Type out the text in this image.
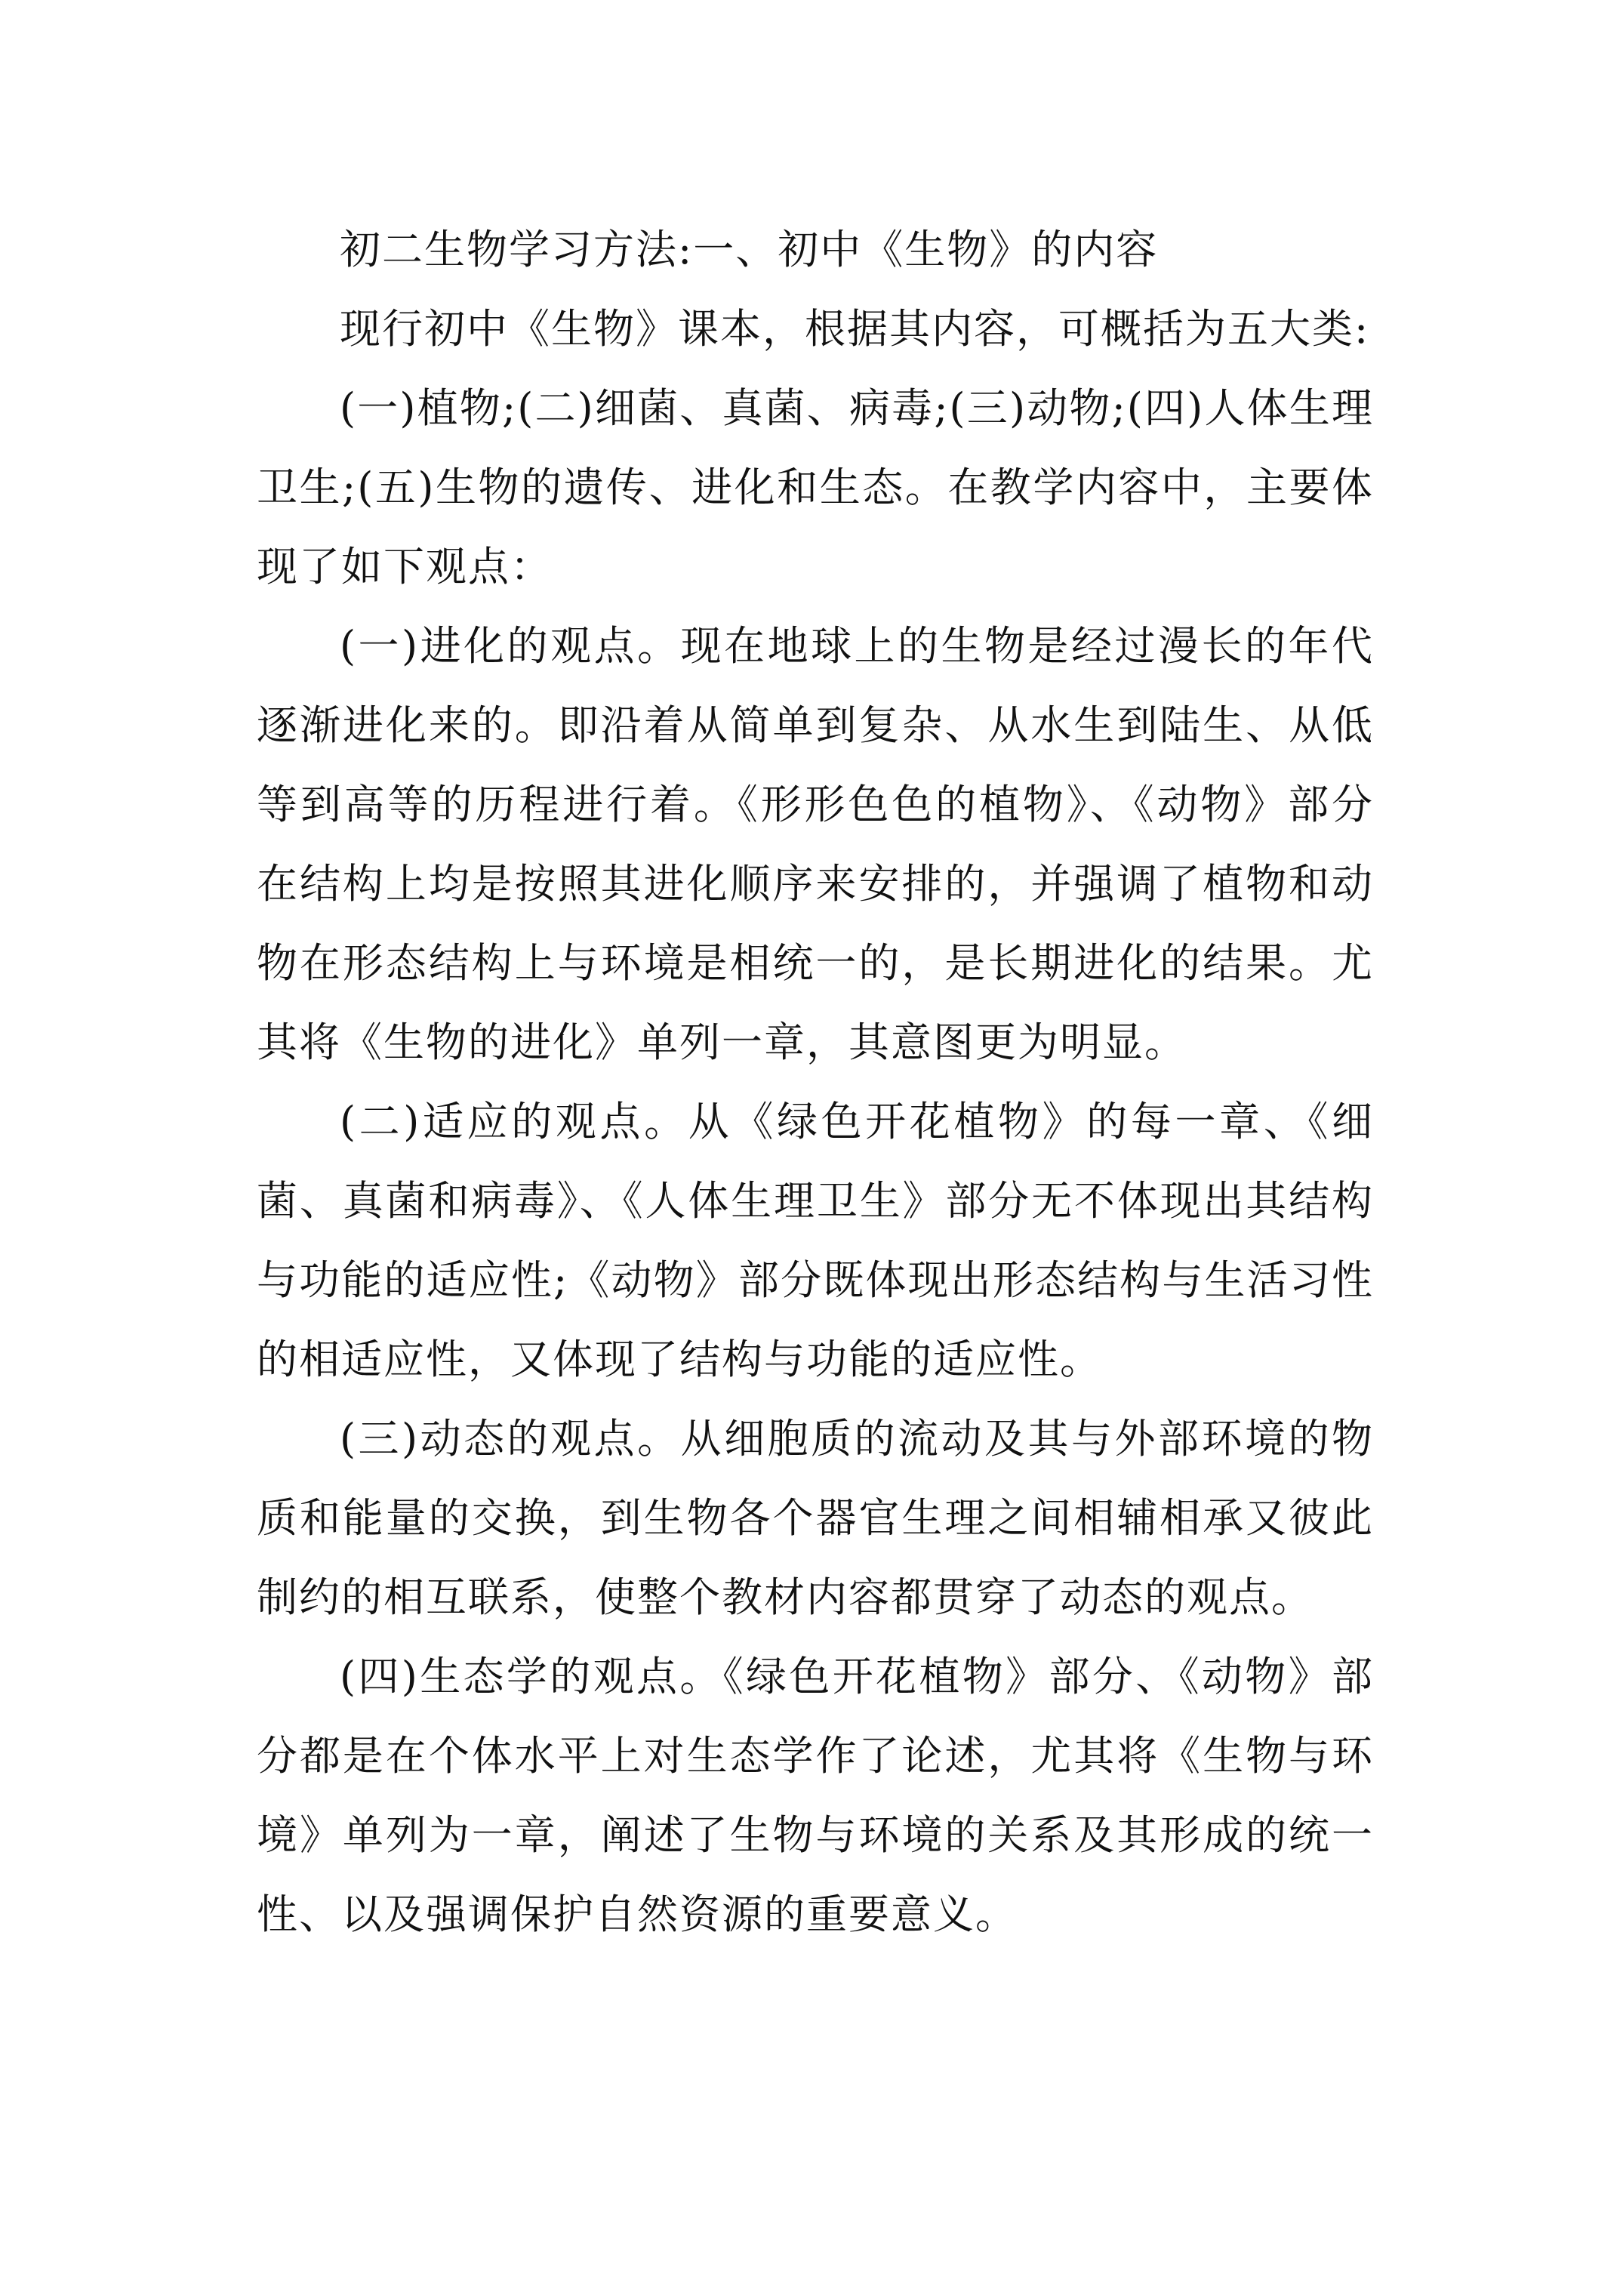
初二生物学习方法:一、初中《生物》的内容

现行初中《生物》课本，根据其内容，可概括为五大类:

(一)植物;(二)细菌、真菌、病毒;(三)动物;(四)人体生理卫生;(五)生物的遗传、进化和生态。在教学内容中，主要体现了如下观点：

(一)进化的观点。现在地球上的生物是经过漫长的年代逐渐进化来的。即沿着从简单到复杂、从水生到陆生、从低等到高等的历程进行着。《形形色色的植物》、《动物》部分在结构上均是按照其进化顺序来安排的，并强调了植物和动物在形态结构上与环境是相统一的，是长期进化的结果。尤其将《生物的进化》单列一章，其意图更为明显。

(二)适应的观点。从《绿色开花植物》的每一章、《细菌、真菌和病毒》、《人体生理卫生》部分无不体现出其结构与功能的适应性;《动物》部分既体现出形态结构与生活习性的相适应性，又体现了结构与功能的适应性。

(三)动态的观点。从细胞质的流动及其与外部环境的物质和能量的交换，到生物各个器官生理之间相辅相承又彼此制约的相互联系，使整个教材内容都贯穿了动态的观点。

(四)生态学的观点。《绿色开花植物》部分、《动物》部分都是在个体水平上对生态学作了论述，尤其将《生物与环境》单列为一章，阐述了生物与环境的关系及其形成的统一性、以及强调保护自然资源的重要意义。
